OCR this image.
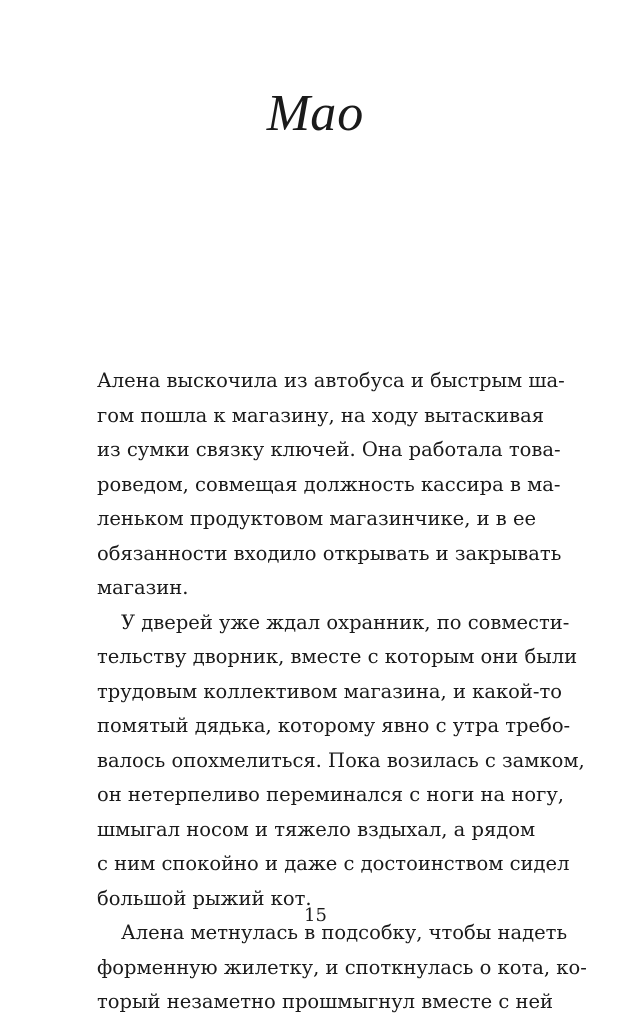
Мао
Алена выскочила из автобуса и быстрым ша-
гом пошла к магазину, на ходу вытаскивая
из сумки связку ключей. Она работала това-
роведом, совмещая должность кассира в ма-
леньком продуктовом магазинчике, и в ее
обязанности входило открывать и закрывать
магазин.
У дверей уже ждал охранник, по совмести-
тельству дворник, вместе с которым они были
трудовым коллективом магазина, и какой-то
помятый дядька, которому явно с утра требо-
валось опохмелиться. Пока возилась с замком,
он нетерпеливо переминался с ноги на ногу,
шмыгал носом и тяжело вздыхал, а рядом
с ним спокойно и даже с достоинством сидел
большой рыжий кот.
Алена метнулась в подсобку, чтобы надеть
форменную жилетку, и споткнулась о кота, ко-
торый незаметно прошмыгнул вместе с ней
15
